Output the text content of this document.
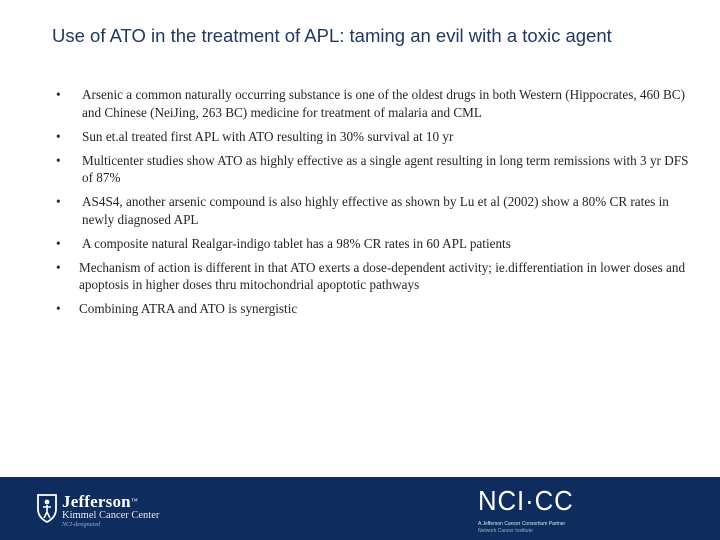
Use of ATO in the treatment of APL: taming an evil with a toxic agent
• Arsenic a common naturally occurring substance is one of the oldest drugs in both Western (Hippocrates, 460 BC) and Chinese (NeiJing, 263 BC) medicine for treatment of malaria and CML
• Sun et.al treated first APL with ATO resulting in 30% survival at 10 yr
• Multicenter studies show ATO as highly effective as a single agent resulting in long term remissions with 3 yr DFS of 87%
• AS4S4, another arsenic compound is also highly effective as shown by Lu et al (2002) show a 80% CR rates in newly diagnosed APL
• A composite natural Realgar-indigo tablet has a 98% CR rates in 60 APL patients
• Mechanism of action is different in that ATO exerts a dose-dependent activity; ie.differentiation in lower doses and apoptosis in higher doses thru mitochondrial apoptotic pathways
• Combining ATRA and ATO is synergistic
Jefferson™
Kimmel Cancer Center
NCI-designated
NCI·CC
A Jefferson Cancer Consortium Partner
Network Cancer Institute
